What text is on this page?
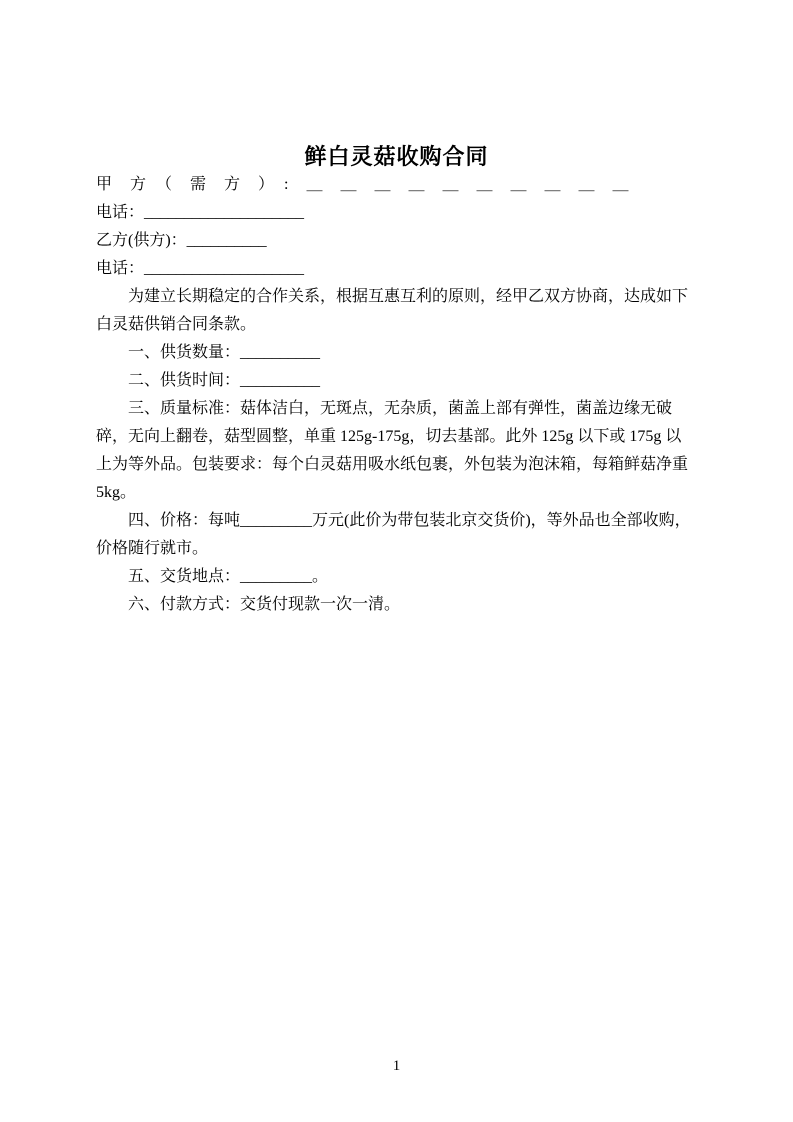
鲜白灵菇收购合同

甲　方　（　需　方　）　:　＿　＿　＿　＿　＿　＿　＿　＿　＿　＿

电话：____________________

乙方(供方)：__________

电话：____________________

为建立长期稳定的合作关系，根据互惠互利的原则，经甲乙双方协商，达成如下白灵菇供销合同条款。

一、供货数量：__________

二、供货时间：__________

三、质量标准：菇体洁白，无斑点，无杂质，菌盖上部有弹性，菌盖边缘无破碎，无向上翻卷，菇型圆整，单重 125g-175g，切去基部。此外 125g 以下或 175g 以上为等外品。包装要求：每个白灵菇用吸水纸包裹，外包装为泡沫箱，每箱鲜菇净重 5kg。

四、价格：每吨_________万元(此价为带包装北京交货价)，等外品也全部收购，价格随行就市。

五、交货地点：_________。

六、付款方式：交货付现款一次一清。

1
